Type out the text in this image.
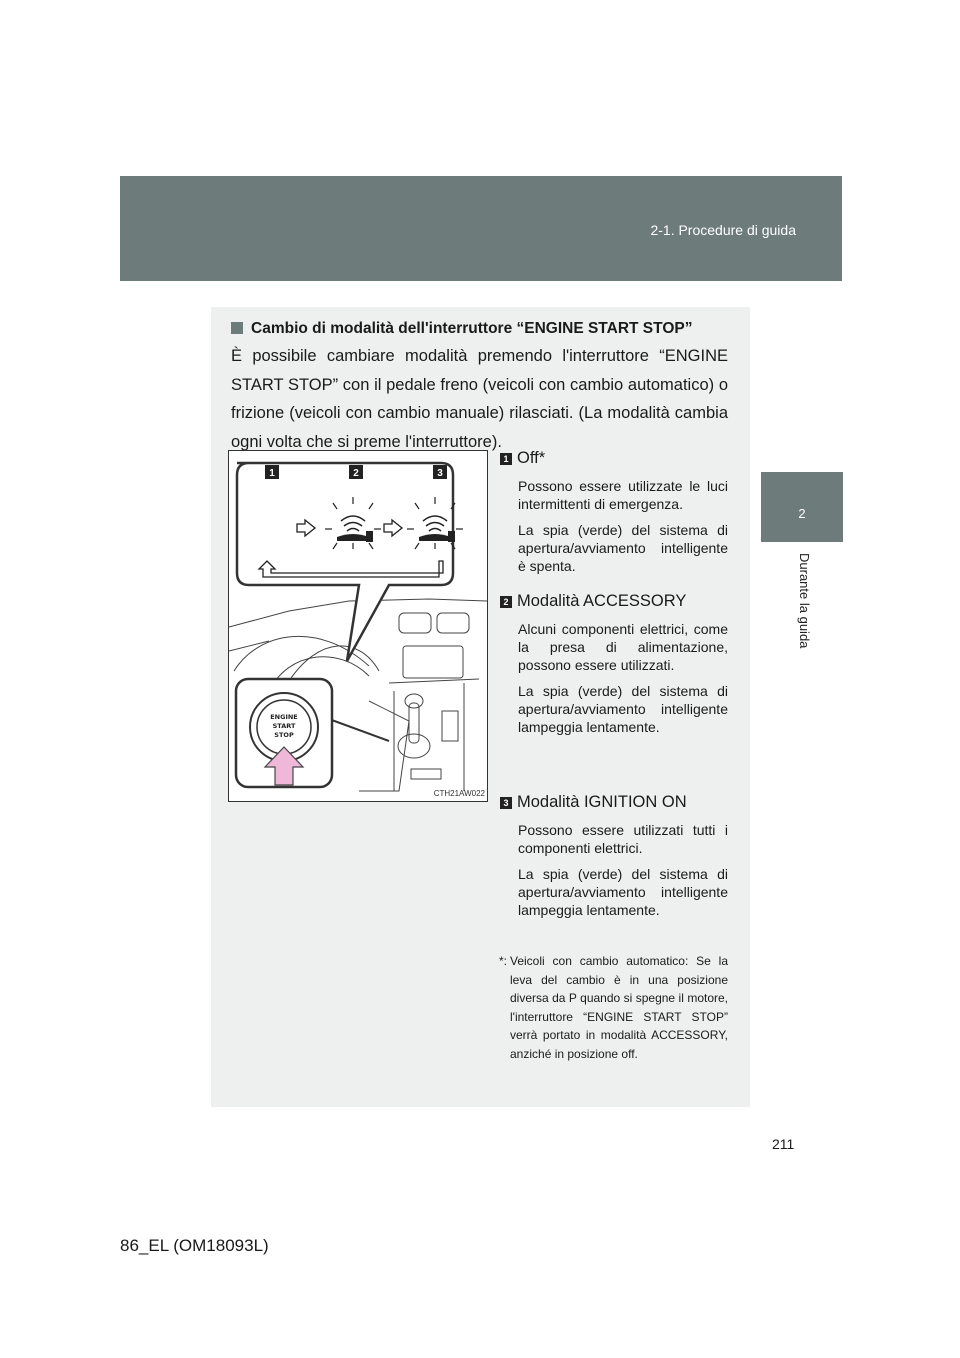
2-1. Procedure di guida
2
Durante la guida
Cambio di modalità dell'interruttore “ENGINE START STOP”
È possibile cambiare modalità premendo l'interruttore “ENGINE START STOP” con il pedale freno (veicoli con cambio automatico) o frizione (veicoli con cambio manuale) rilasciati. (La modalità cambia ogni volta che si preme l'interruttore).
1	2	3
ENGINE
START
STOP
CTH21AW022
1 Off*
Possono essere utilizzate le luci intermittenti di emergenza.
La spia (verde) del sistema di apertura/avviamento intelligente è spenta.
2 Modalità ACCESSORY
Alcuni componenti elettrici, come la presa di alimentazione, possono essere utilizzati.
La spia (verde) del sistema di apertura/avviamento intelligente lampeggia lentamente.
3 Modalità IGNITION ON
Possono essere utilizzati tutti i componenti elettrici.
La spia (verde) del sistema di apertura/avviamento intelligente lampeggia lentamente.
*: Veicoli con cambio automatico: Se la leva del cambio è in una posizione diversa da P quando si spegne il motore, l'interruttore “ENGINE START STOP” verrà portato in modalità ACCESSORY, anziché in posizione off.
211
86_EL (OM18093L)
